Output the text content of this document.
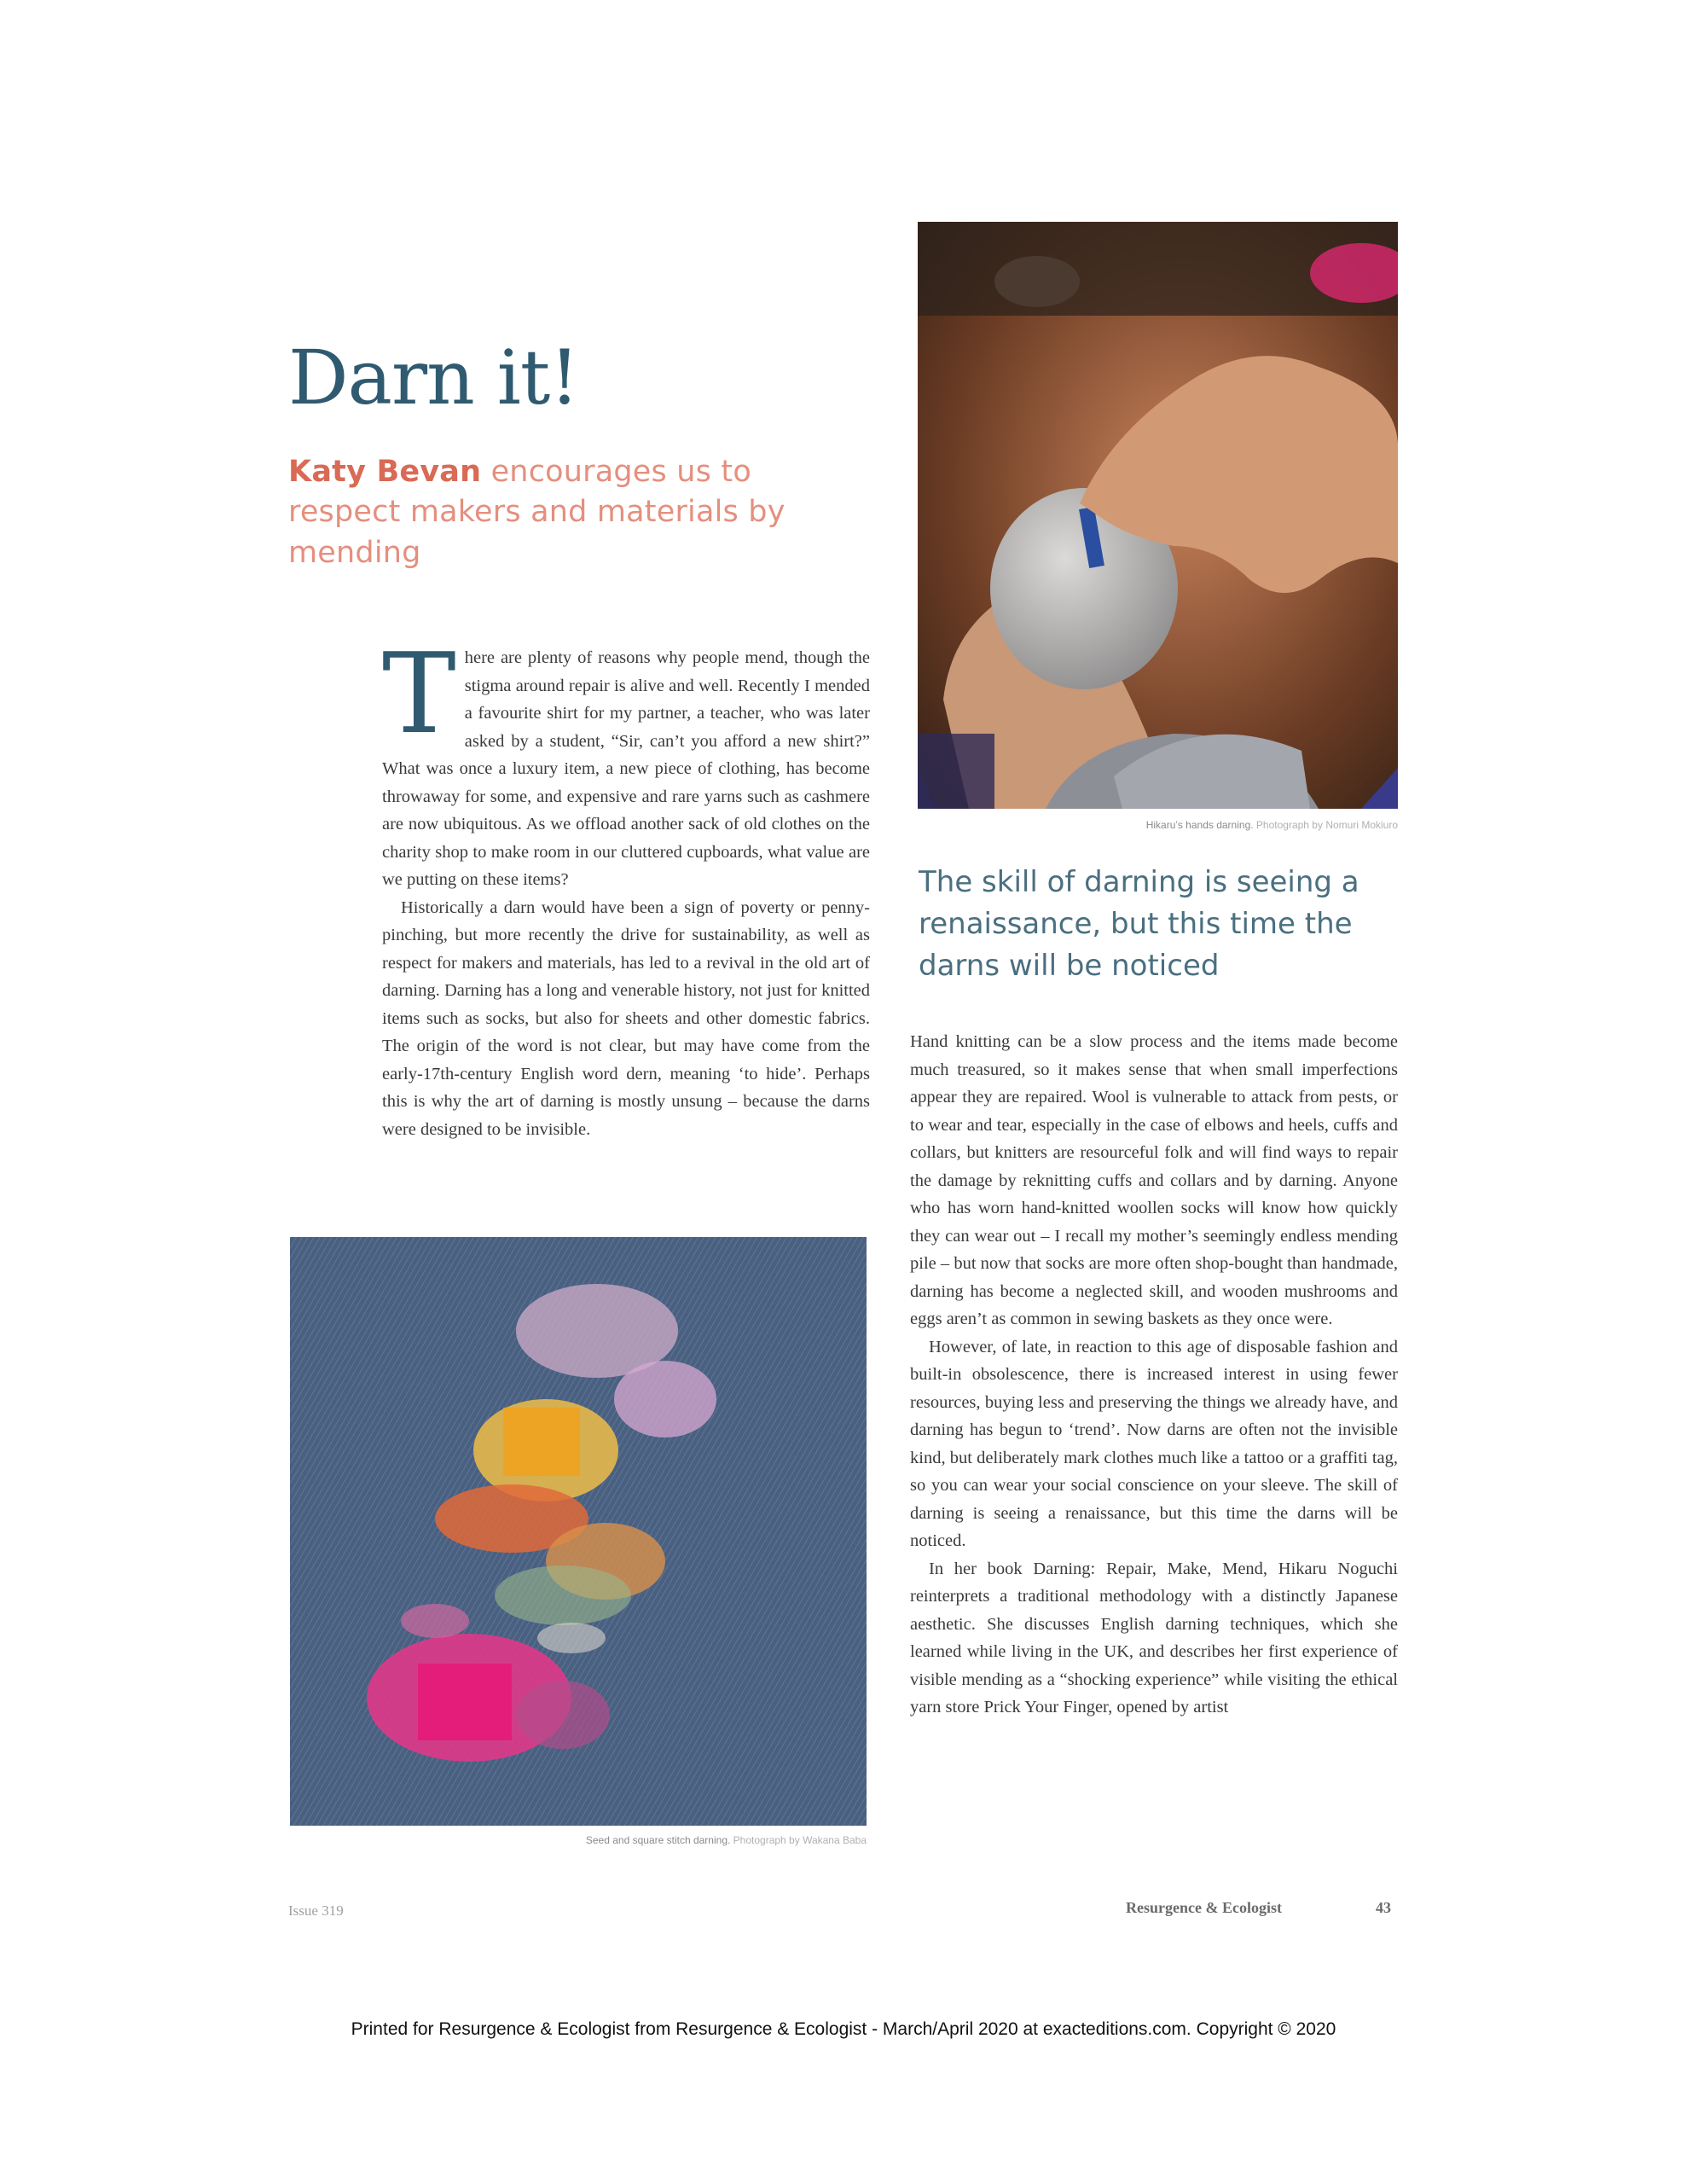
Hikaru’s hands darning. Photograph by Nomuri Mokiuro
Darn it!

Katy Bevan encourages us to respect makers and materials by mending

T here are plenty of reasons why people mend, though the stigma around repair is alive and well. Recently I mended a favourite shirt for my partner, a teacher, who was later asked by a student, “Sir, can’t you afford a new shirt?” What was once a luxury item, a new piece of clothing, has become throwaway for some, and expensive and rare yarns such as cashmere are now ubiquitous. As we offload another sack of old clothes on the charity shop to make room in our cluttered cupboards, what value are we putting on these items?

Historically a darn would have been a sign of poverty or penny-pinching, but more recently the drive for sustainability, as well as respect for makers and materials, has led to a revival in the old art of darning. Darning has a long and venerable history, not just for knitted items such as socks, but also for sheets and other domestic fabrics. The origin of the word is not clear, but may have come from the early-17th-century English word dern, meaning ‘to hide’. Perhaps this is why the art of darning is mostly unsung – because the darns were designed to be invisible.

The skill of darning is seeing a renaissance, but this time the darns will be noticed

Hand knitting can be a slow process and the items made become much treasured, so it makes sense that when small imperfections appear they are repaired. Wool is vulnerable to attack from pests, or to wear and tear, especially in the case of elbows and heels, cuffs and collars, but knitters are resourceful folk and will find ways to repair the damage by reknitting cuffs and collars and by darning. Anyone who has worn hand-knitted woollen socks will know how quickly they can wear out – I recall my mother’s seemingly endless mending pile – but now that socks are more often shop-bought than handmade, darning has become a neglected skill, and wooden mushrooms and eggs aren’t as common in sewing baskets as they once were.

However, of late, in reaction to this age of disposable fashion and built-in obsolescence, there is increased interest in using fewer resources, buying less and preserving the things we already have, and darning has begun to ‘trend’. Now darns are often not the invisible kind, but deliberately mark clothes much like a tattoo or a graffiti tag, so you can wear your social conscience on your sleeve. The skill of darning is seeing a renaissance, but this time the darns will be noticed.

In her book Darning: Repair, Make, Mend, Hikaru Noguchi reinterprets a traditional methodology with a distinctly Japanese aesthetic. She discusses English darning techniques, which she learned while living in the UK, and describes her first experience of visible mending as a “shocking experience” while visiting the ethical yarn store Prick Your Finger, opened by artist

Seed and square stitch darning. Photograph by Wakana Baba
Issue 319	Resurgence & Ecologist	43
Printed for Resurgence & Ecologist from Resurgence & Ecologist - March/April 2020 at exacteditions.com. Copyright © 2020
